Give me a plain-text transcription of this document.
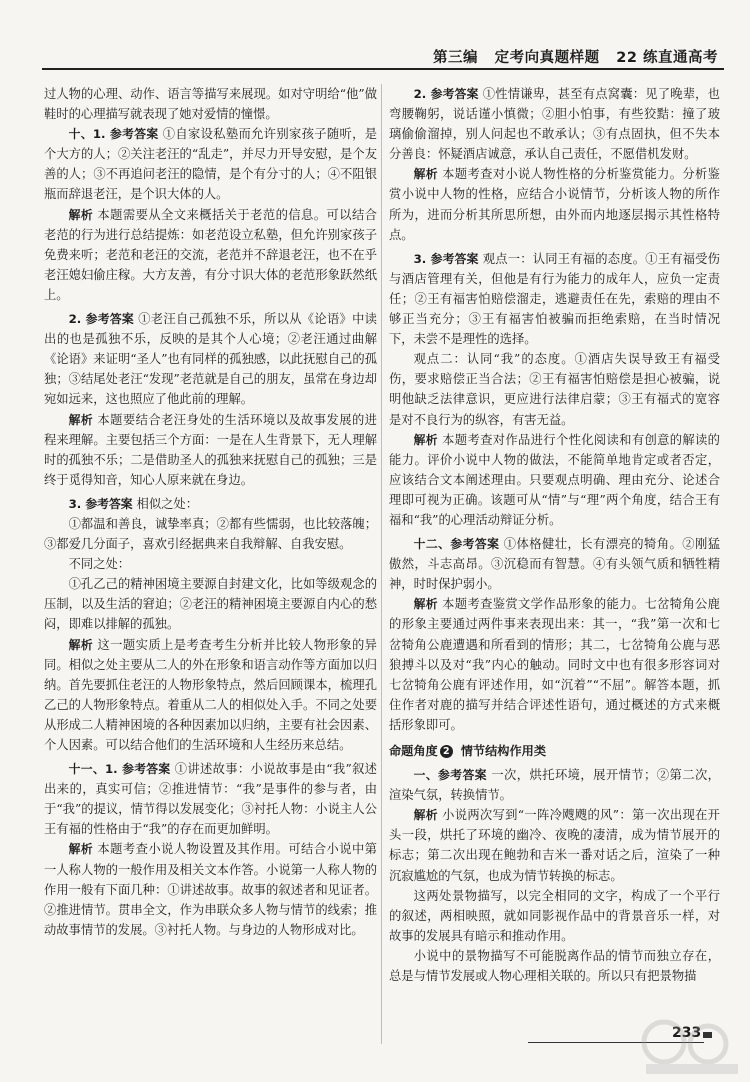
第三编 定考向真题样题 22 练直通高考

过人物的心理、动作、语言等描写来展现。如对守明给“他”做鞋时的心理描写就表现了她对爱情的憧憬。

十、1. 参考答案 ①自家设私塾而允许别家孩子随听，是个大方的人；②关注老汪的“乱走”，并尽力开导安慰，是个友善的人；③不再追问老汪的隐情，是个有分寸的人；④不阻银瓶而辞退老汪，是个识大体的人。

解析 本题需要从全文来概括关于老范的信息。可以结合老范的行为进行总结提炼：如老范设立私塾，但允许别家孩子免费来听；老范和老汪的交流，老范并不辞退老汪，也不在乎老汪媳妇偷庄稼。大方友善，有分寸识大体的老范形象跃然纸上。

2. 参考答案 ①老汪自己孤独不乐，所以从《论语》中读出的也是孤独不乐，反映的是其个人心境；②老汪通过曲解《论语》来证明“圣人”也有同样的孤独感，以此抚慰自己的孤独；③结尾处老汪“发现”老范就是自己的朋友，虽常在身边却宛如远来，这也照应了他此前的理解。

解析 本题要结合老汪身处的生活环境以及故事发展的进程来理解。主要包括三个方面：一是在人生背景下，无人理解时的孤独不乐；二是借助圣人的孤独来抚慰自己的孤独；三是终于觅得知音，知心人原来就在身边。

3. 参考答案 相似之处：

①都温和善良，诚挚率真；②都有些懦弱，也比较落魄；③都爱几分面子，喜欢引经据典来自我辩解、自我安慰。

不同之处：

①孔乙己的精神困境主要源自封建文化，比如等级观念的压制，以及生活的窘迫；②老汪的精神困境主要源自内心的愁闷，即难以排解的孤独。

解析 这一题实质上是考查考生分析并比较人物形象的异同。相似之处主要从二人的外在形象和语言动作等方面加以归纳。首先要抓住老汪的人物形象特点，然后回顾课本，梳理孔乙己的人物形象特点。着重从二人的相似处入手。不同之处要从形成二人精神困境的各种因素加以归纳，主要有社会因素、个人因素。可以结合他们的生活环境和人生经历来总结。

十一、1. 参考答案 ①讲述故事：小说故事是由“我”叙述出来的，真实可信；②推进情节：“我”是事件的参与者，由于“我”的提议，情节得以发展变化；③衬托人物：小说主人公王有福的性格由于“我”的存在而更加鲜明。

解析 本题考查小说人物设置及其作用。可结合小说中第一人称人物的一般作用及相关文本作答。小说第一人称人物的作用一般有下面几种：①讲述故事。故事的叙述者和见证者。②推进情节。贯串全文，作为串联众多人物与情节的线索；推动故事情节的发展。③衬托人物。与身边的人物形成对比。

2. 参考答案 ①性情谦卑，甚至有点窝囊：见了晚辈，也弯腰鞠躬，说话谨小慎微；②胆小怕事，有些狡黠：撞了玻璃偷偷溜掉，别人问起也不敢承认；③有点固执，但不失本分善良：怀疑酒店诚意，承认自己责任，不愿借机发财。

解析 本题考查对小说人物性格的分析鉴赏能力。分析鉴赏小说中人物的性格，应结合小说情节，分析该人物的所作所为，进而分析其所思所想，由外而内地逐层揭示其性格特点。

3. 参考答案 观点一：认同王有福的态度。①王有福受伤与酒店管理有关，但他是有行为能力的成年人，应负一定责任；②王有福害怕赔偿溜走，逃避责任在先，索赔的理由不够正当充分；③王有福害怕被骗而拒绝索赔，在当时情况下，未尝不是理性的选择。

观点二：认同“我”的态度。①酒店失误导致王有福受伤，要求赔偿正当合法；②王有福害怕赔偿是担心被骗，说明他缺乏法律意识，更应进行法律启蒙；③王有福式的宽容是对不良行为的纵容，有害无益。

解析 本题考查对作品进行个性化阅读和有创意的解读的能力。评价小说中人物的做法，不能简单地肯定或者否定，应该结合文本阐述理由。只要观点明确、理由充分、论述合理即可视为正确。该题可从“情”与“理”两个角度，结合王有福和“我”的心理活动辩证分析。

十二、参考答案 ①体格健壮，长有漂亮的犄角。②刚猛傲然，斗志高昂。③沉稳而有智慧。④有头领气质和牺牲精神，时时保护弱小。

解析 本题考查鉴赏文学作品形象的能力。七岔犄角公鹿的形象主要通过两件事来表现出来：其一，“我”第一次和七岔犄角公鹿遭遇和所看到的情形；其二，七岔犄角公鹿与恶狼搏斗以及对“我”内心的触动。同时文中也有很多形容词对七岔犄角公鹿有评述作用，如“沉着”“不屈”。解答本题，抓住作者对鹿的描写并结合评述性语句，通过概述的方式来概括形象即可。

命题角度 2 情节结构作用类

一、参考答案 一次，烘托环境，展开情节；②第二次，渲染气氛，转换情节。

解析 小说两次写到“一阵冷飕飕的风”：第一次出现在开头一段，烘托了环境的幽冷、夜晚的凄清，成为情节展开的标志；第二次出现在鲍勃和吉米一番对话之后，渲染了一种沉寂尴尬的气氛，也成为情节转换的标志。

这两处景物描写，以完全相同的文字，构成了一个平行的叙述，两相映照，就如同影视作品中的背景音乐一样，对故事的发展具有暗示和推动作用。

小说中的景物描写不可能脱离作品的情节而独立存在，总是与情节发展或人物心理相关联的。所以只有把景物描

233
